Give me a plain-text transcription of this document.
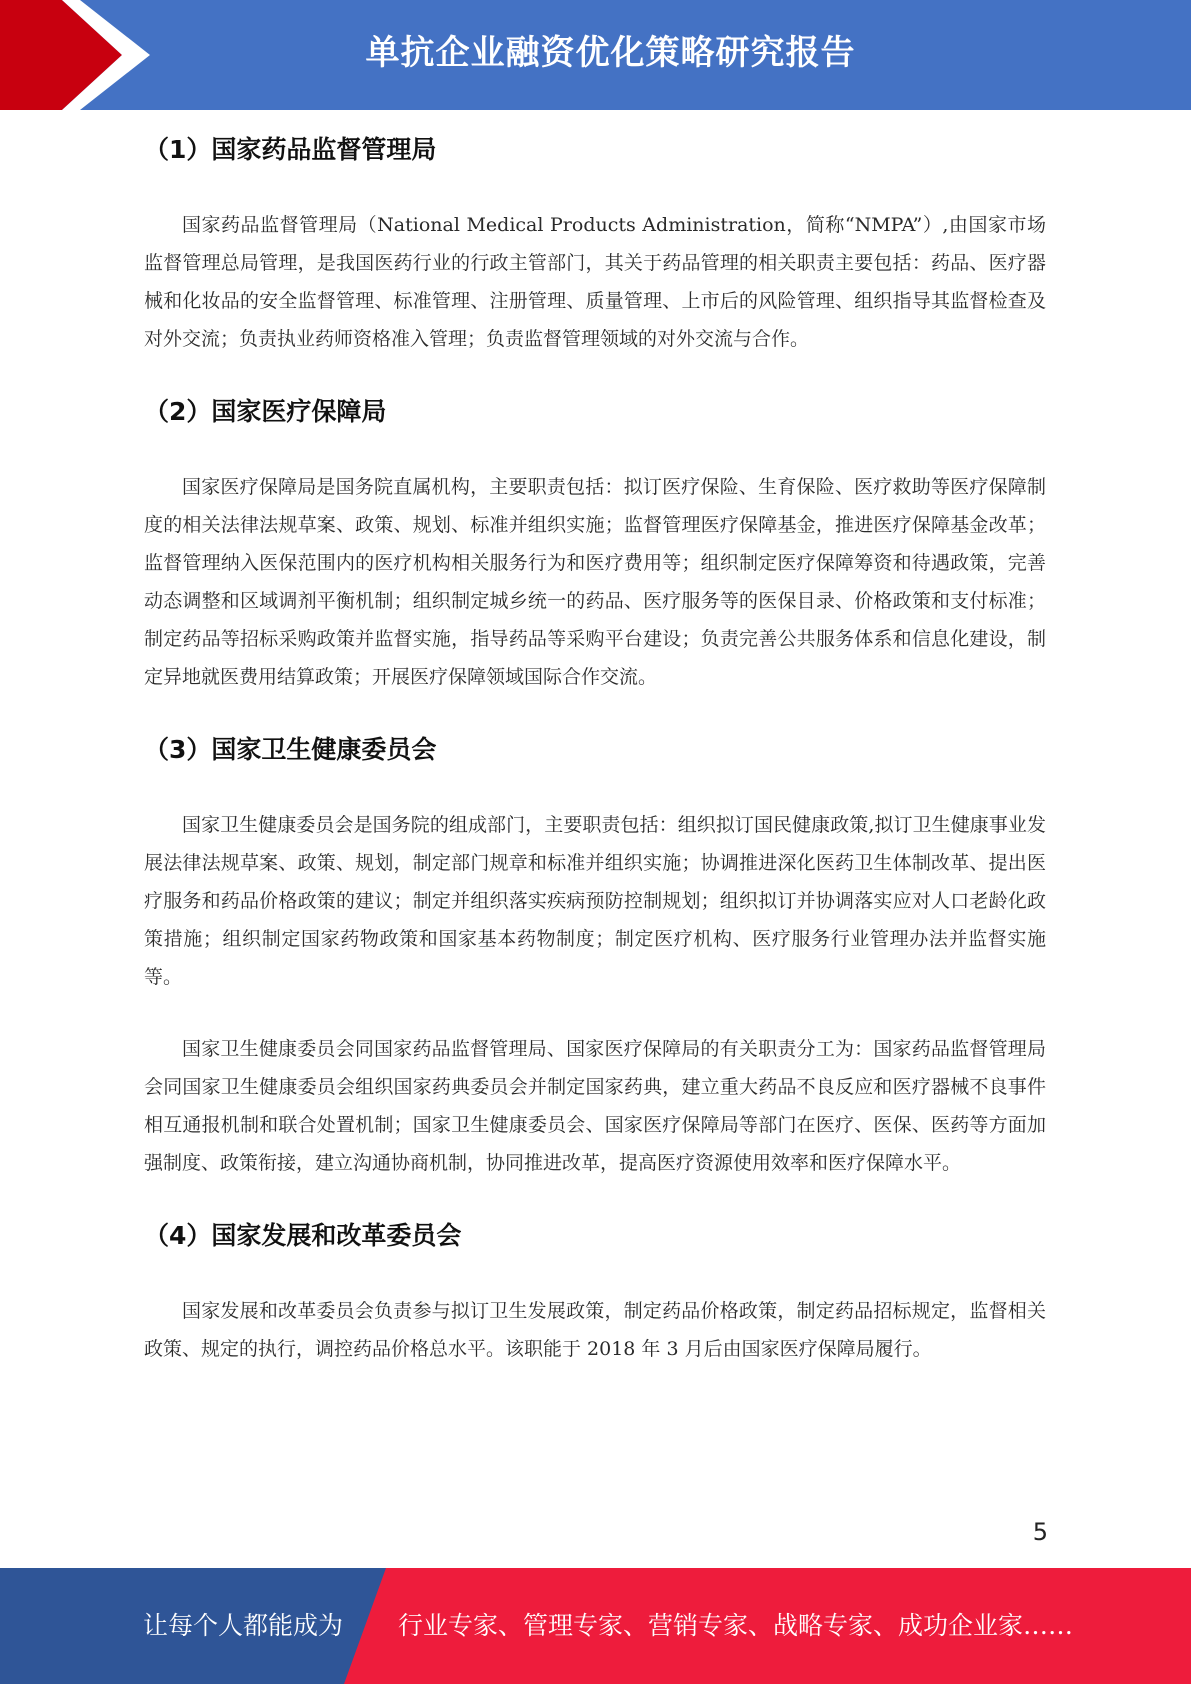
单抗企业融资优化策略研究报告
（1）国家药品监督管理局

国家药品监督管理局（National Medical Products Administration，简称“NMPA”）,由国家市场监督管理总局管理，是我国医药行业的行政主管部门，其关于药品管理的相关职责主要包括：药品、医疗器械和化妆品的安全监督管理、标准管理、注册管理、质量管理、上市后的风险管理、组织指导其监督检查及对外交流；负责执业药师资格准入管理；负责监督管理领域的对外交流与合作。

（2）国家医疗保障局

国家医疗保障局是国务院直属机构，主要职责包括：拟订医疗保险、生育保险、医疗救助等医疗保障制度的相关法律法规草案、政策、规划、标准并组织实施；监督管理医疗保障基金，推进医疗保障基金改革；监督管理纳入医保范围内的医疗机构相关服务行为和医疗费用等；组织制定医疗保障筹资和待遇政策，完善动态调整和区域调剂平衡机制；组织制定城乡统一的药品、医疗服务等的医保目录、价格政策和支付标准；制定药品等招标采购政策并监督实施，指导药品等采购平台建设；负责完善公共服务体系和信息化建设，制定异地就医费用结算政策；开展医疗保障领域国际合作交流。

（3）国家卫生健康委员会

国家卫生健康委员会是国务院的组成部门，主要职责包括：组织拟订国民健康政策,拟订卫生健康事业发展法律法规草案、政策、规划，制定部门规章和标准并组织实施；协调推进深化医药卫生体制改革、提出医疗服务和药品价格政策的建议；制定并组织落实疾病预防控制规划；组织拟订并协调落实应对人口老龄化政策措施；组织制定国家药物政策和国家基本药物制度；制定医疗机构、医疗服务行业管理办法并监督实施等。

国家卫生健康委员会同国家药品监督管理局、国家医疗保障局的有关职责分工为：国家药品监督管理局会同国家卫生健康委员会组织国家药典委员会并制定国家药典，建立重大药品不良反应和医疗器械不良事件相互通报机制和联合处置机制；国家卫生健康委员会、国家医疗保障局等部门在医疗、医保、医药等方面加强制度、政策衔接，建立沟通协商机制，协同推进改革，提高医疗资源使用效率和医疗保障水平。

（4）国家发展和改革委员会

国家发展和改革委员会负责参与拟订卫生发展政策，制定药品价格政策，制定药品招标规定，监督相关政策、规定的执行，调控药品价格总水平。该职能于 2018 年 3 月后由国家医疗保障局履行。

5
让每个人都能成为 行业专家、管理专家、营销专家、战略专家、成功企业家……
